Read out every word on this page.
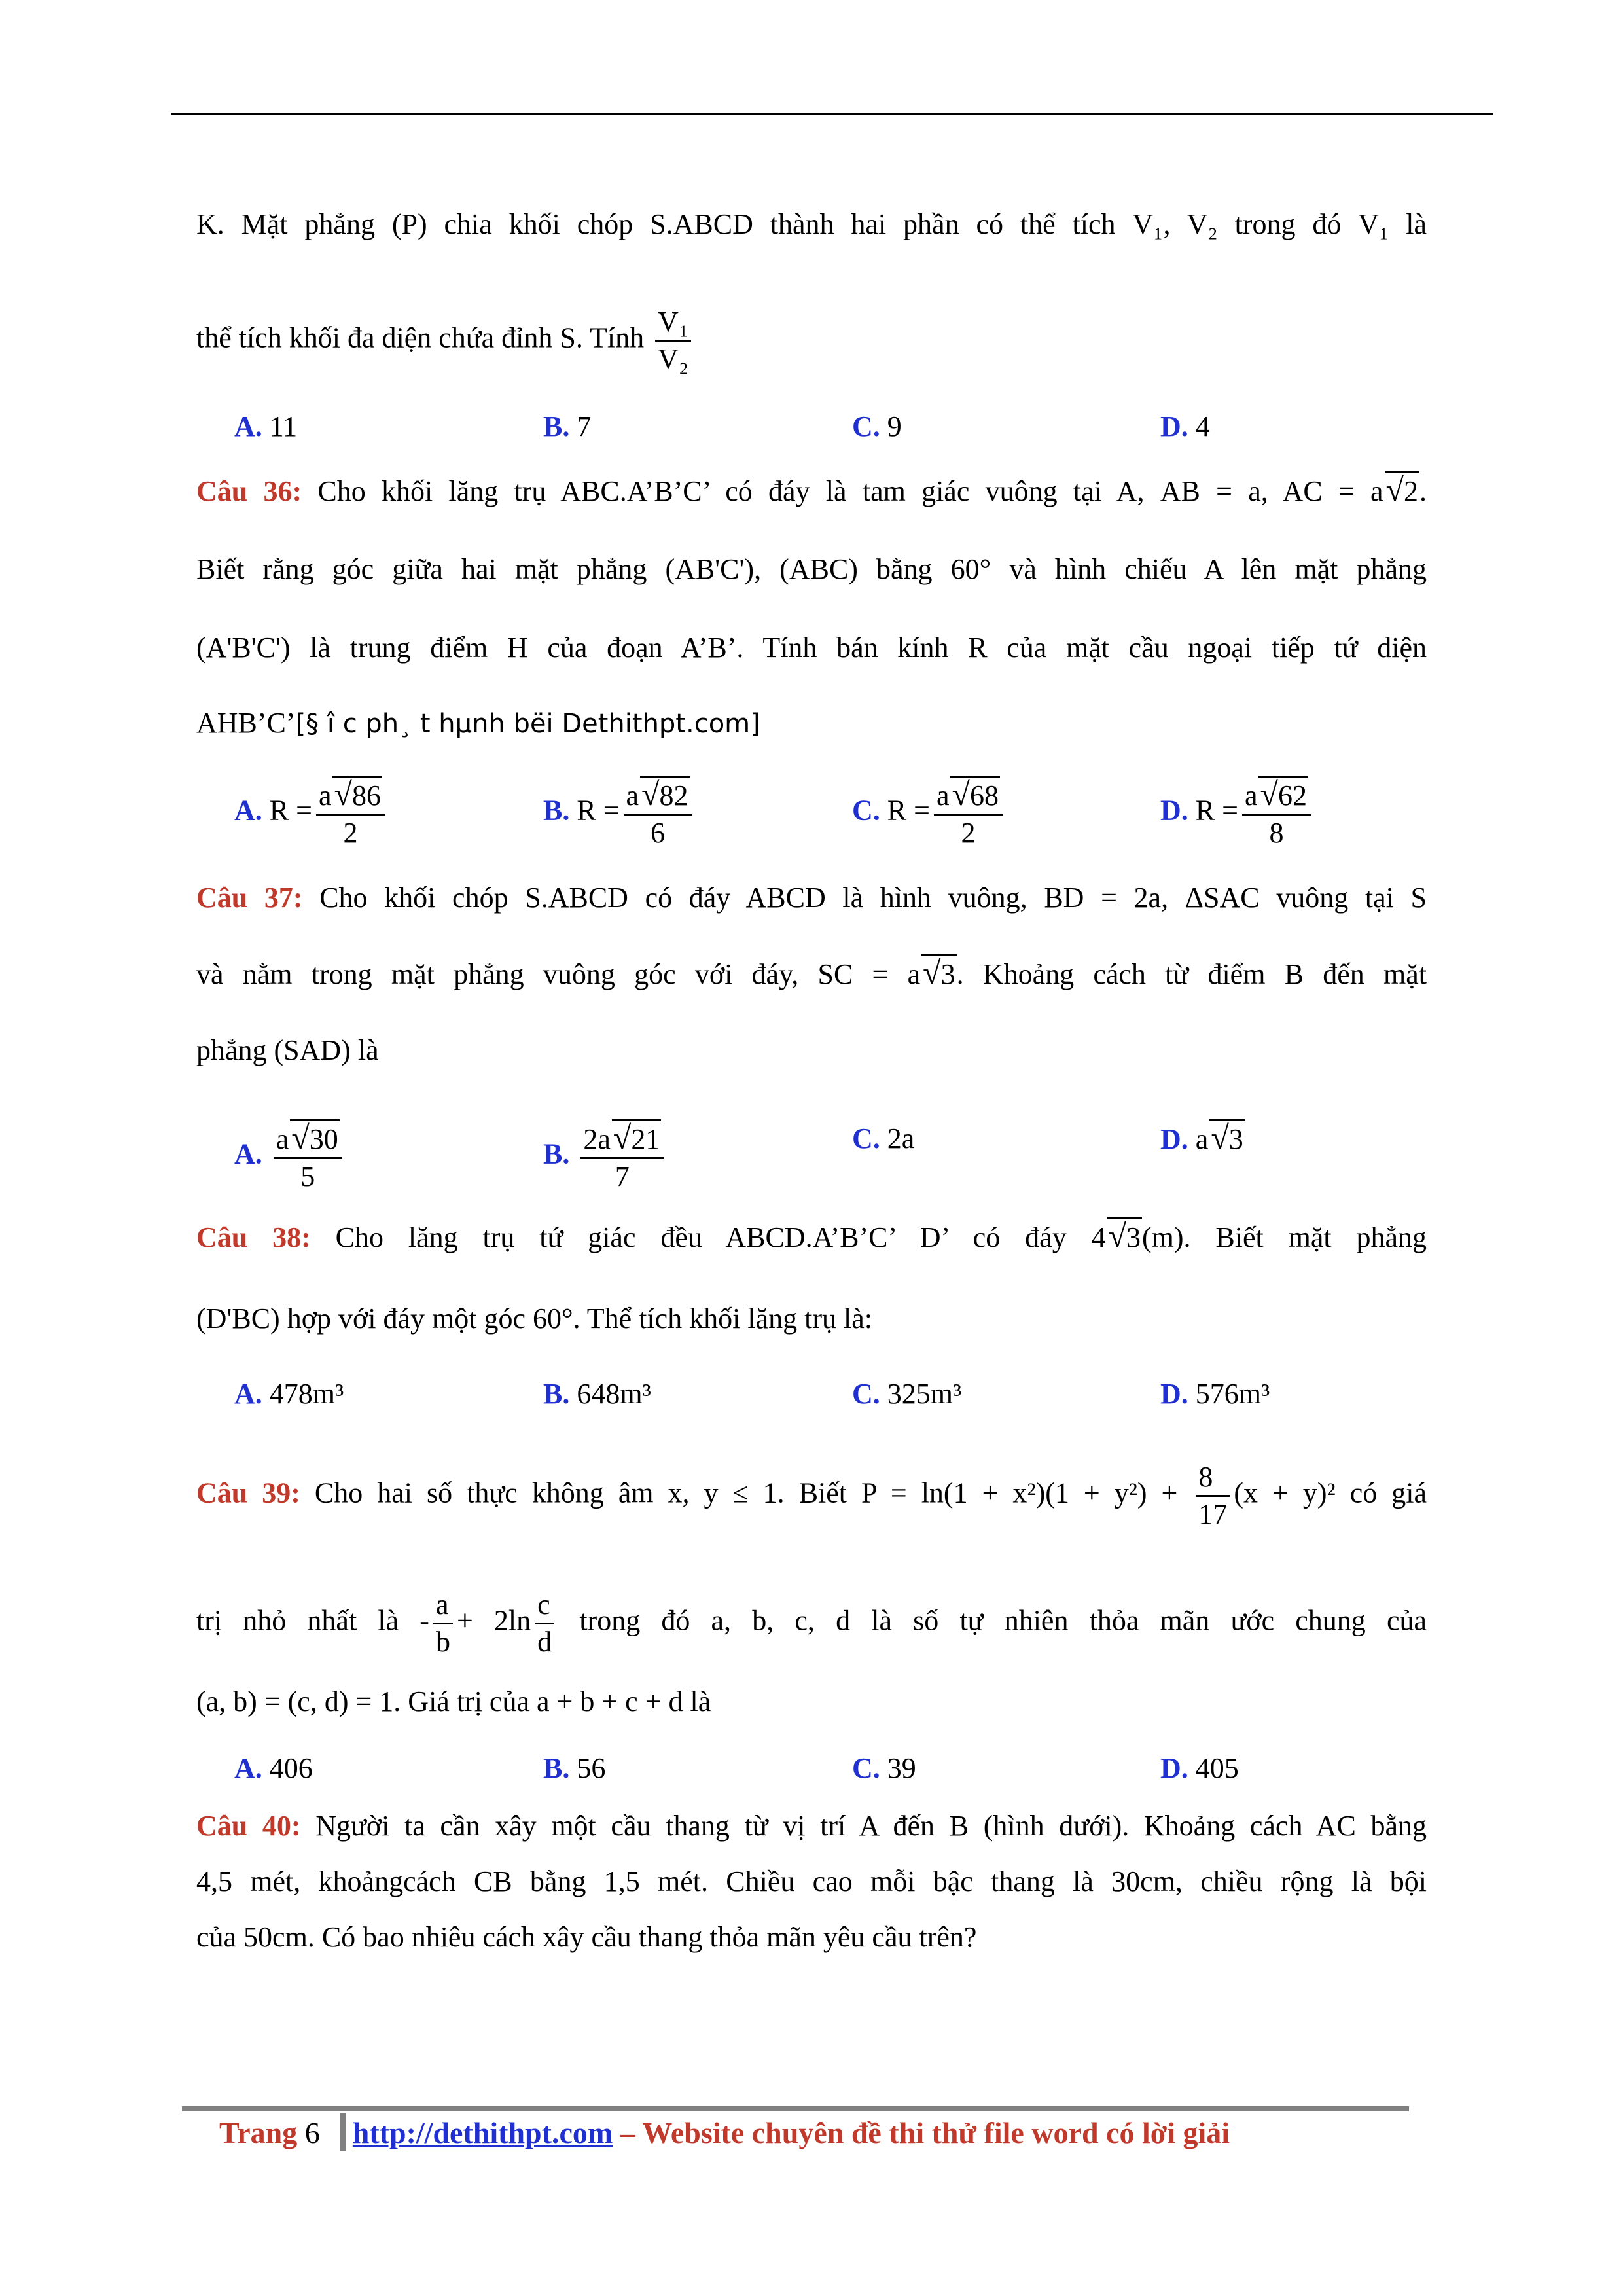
K. Mặt phẳng (P) chia khối chóp S.ABCD thành hai phần có thể tích V₁, V₂ trong đó V₁ là
thể tích khối đa diện chứa đỉnh S. Tính $\frac{\text{V₁}}{\text{V₂}}$
A. 11	B. 7	C. 9	D. 4
Câu 36: Cho khối lăng trụ ABC.A’B’C’ có đáy là tam giác vuông tại A, AB = a, AC = a√2.
Biết rằng góc giữa hai mặt phẳng (AB'C'), (ABC) bằng 60° và hình chiếu A lên mặt phẳng
(A'B'C') là trung điểm H của đoạn A’B’. Tính bán kính R của mặt cầu ngoại tiếp tứ diện
AHB’C’[§ î c ph¸ t hµnh bëi Dethithpt.com]
A. $R = \frac{a√86}{2}$	B. $R = \frac{a√82}{6}$	C. $R = \frac{a√68}{2}$	D. $R = \frac{a√62}{8}$
Câu 37: Cho khối chóp S.ABCD có đáy ABCD là hình vuông, BD = 2a, ΔSAC vuông tại S
và nằm trong mặt phẳng vuông góc với đáy, SC = a√3. Khoảng cách từ điểm B đến mặt
phẳng (SAD) là
A. $\frac{a√30}{5}$	B. $\frac{2a√21}{7}$	C. 2a	D. a√3
Câu 38: Cho lăng trụ tứ giác đều ABCD.A’B’C’ D’ có đáy 4√3(m). Biết mặt phẳng
(D'BC) hợp với đáy một góc 60°. Thể tích khối lăng trụ là:
A. 478m³	B. 648m³	C. 325m³	D. 576m³
Câu 39: Cho hai số thực không âm x, y ≤ 1. Biết $P = \ln(1 + x^2)(1 + y^2) + \frac{8}{17} (x + y)^2$ có giá
trị nhỏ nhất là - $\frac{a}{b} + 2\ln \frac{c}{d}$ trong đó a, b, c, d là số tự nhiên thỏa mãn ước chung của
(a, b) = (c, d) = 1. Giá trị của a + b + c + d là
A. 406	B. 56	C. 39	D. 405
Câu 40: Người ta cần xây một cầu thang từ vị trí A đến B (hình dưới). Khoảng cách AC bằng
4,5 mét, khoảngcách CB bằng 1,5 mét. Chiều cao mỗi bậc thang là 30cm, chiều rộng là bội
của 50cm. Có bao nhiêu cách xây cầu thang thỏa mãn yêu cầu trên?
Trang 6 http://dethithpt.com – Website chuyên đề thi thử file word có lời giải
